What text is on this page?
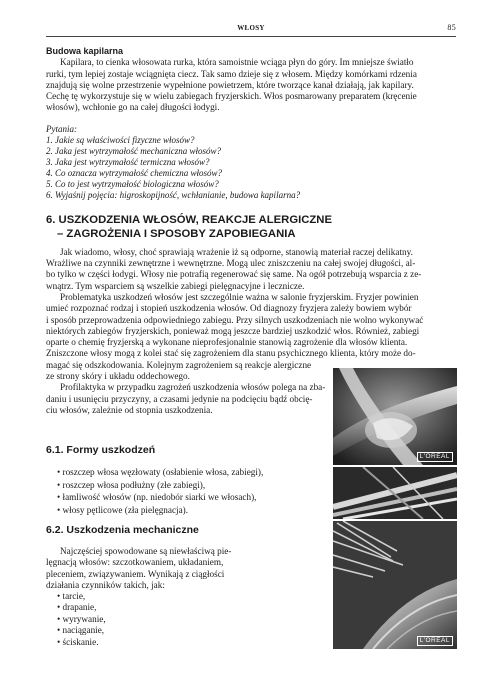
WŁOSY	85
Budowa kapilarna

Kapilara, to cienka włosowata rurka, która samoistnie wciąga płyn do góry. Im mniejsze światło

rurki, tym lepiej zostaje wciągnięta ciecz. Tak samo dzieje się z włosem. Między komórkami rdzenia

znajdują się wolne przestrzenie wypełnione powietrzem, które tworzące kanał działają, jak kapilary.

Cechę tę wykorzystuje się w wielu zabiegach fryzjerskich. Włos posmarowany preparatem (kręcenie

włosów), wchłonie go na całej długości łodygi.

Pytania:
1. Jakie są właściwości fizyczne włosów?
2. Jaka jest wytrzymałość mechaniczna włosów?
3. Jaka jest wytrzymałość termiczna włosów?
4. Co oznacza wytrzymałość chemiczna włosów?
5. Co to jest wytrzymałość biologiczna włosów?
6. Wyjaśnij pojęcia: higroskopijność, wchłanianie, budowa kapilarna?
6. USZKODZENIA WŁOSÓW, REAKCJE ALERGICZNE
– ZAGROŻENIA I SPOSOBY ZAPOBIEGANIA

Jak wiadomo, włosy, choć sprawiają wrażenie iż są odporne, stanowią materiał raczej delikatny.

Wrażliwe na czynniki zewnętrzne i wewnętrzne. Mogą ulec zniszczeniu na całej swojej długości, al-

bo tylko w części łodygi. Włosy nie potrafią regenerować się same. Na ogół potrzebują wsparcia z ze-

wnątrz. Tym wsparciem są wszelkie zabiegi pielęgnacyjne i lecznicze.

Problematyka uszkodzeń włosów jest szczególnie ważna w salonie fryzjerskim. Fryzjer powinien

umieć rozpoznać rodzaj i stopień uszkodzenia włosów. Od diagnozy fryzjera zależy bowiem wybór

i sposób przeprowadzenia odpowiedniego zabiegu. Przy silnych uszkodzeniach nie wolno wykonywać

niektórych zabiegów fryzjerskich, ponieważ mogą jeszcze bardziej uszkodzić włos. Również, zabiegi

oparte o chemię fryzjerską a wykonane nieprofesjonalnie stanowią zagrożenie dla włosów klienta.

Zniszczone włosy mogą z kolei stać się zagrożeniem dla stanu psychicznego klienta, który może do-

magać się odszkodowania. Kolejnym zagrożeniem są reakcje alergiczne

ze strony skóry i układu oddechowego.

Profilaktyka w przypadku zagrożeń uszkodzenia włosów polega na zba-

daniu i usunięciu przyczyny, a czasami jedynie na podcięciu bądź obcię-

ciu włosów, zależnie od stopnia uszkodzenia.

6.1. Formy uszkodzeń
• roszczep włosa węzłowaty (osłabienie włosa, zabiegi),
• roszczep włosa podłużny (złe zabiegi),
• łamliwość włosów (np. niedobór siarki we włosach),
• włosy pętlicowe (zła pielęgnacja).
6.2. Uszkodzenia mechaniczne

Najczęściej spowodowane są niewłaściwą pie-

lęgnacją włosów: szczotkowaniem, układaniem,

pleceniem, związywaniem. Wynikają z ciągłości

działania czynników takich, jak:

• tarcie,
• drapanie,
• wyrywanie,
• naciąganie,
• ściskanie.
L'ORÉAL
L'ORÉAL
